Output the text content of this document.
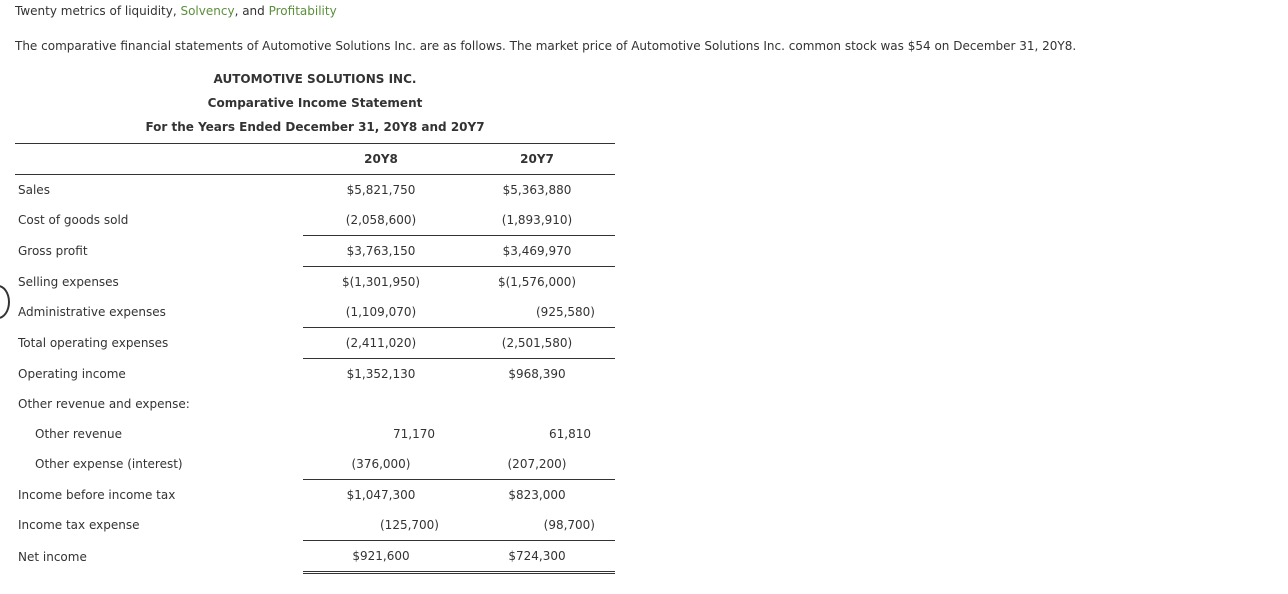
Twenty metrics of liquidity, Solvency, and Profitability
The comparative financial statements of Automotive Solutions Inc. are as follows. The market price of Automotive Solutions Inc. common stock was $54 on December 31, 20Y8.
AUTOMOTIVE SOLUTIONS INC.
Comparative Income Statement
For the Years Ended December 31, 20Y8 and 20Y7
	20Y8	20Y7
Sales	$5,821,750	$5,363,880
Cost of goods sold	(2,058,600)	(1,893,910)
Gross profit	$3,763,150	$3,469,970
Selling expenses	$(1,301,950)	$(1,576,000)
Administrative expenses	(1,109,070)	(925,580)
Total operating expenses	(2,411,020)	(2,501,580)
Operating income	$1,352,130	$968,390
Other revenue and expense:		
Other revenue	71,170	61,810
Other expense (interest)	(376,000)	(207,200)
Income before income tax	$1,047,300	$823,000
Income tax expense	(125,700)	(98,700)
Net income	$921,600	$724,300
